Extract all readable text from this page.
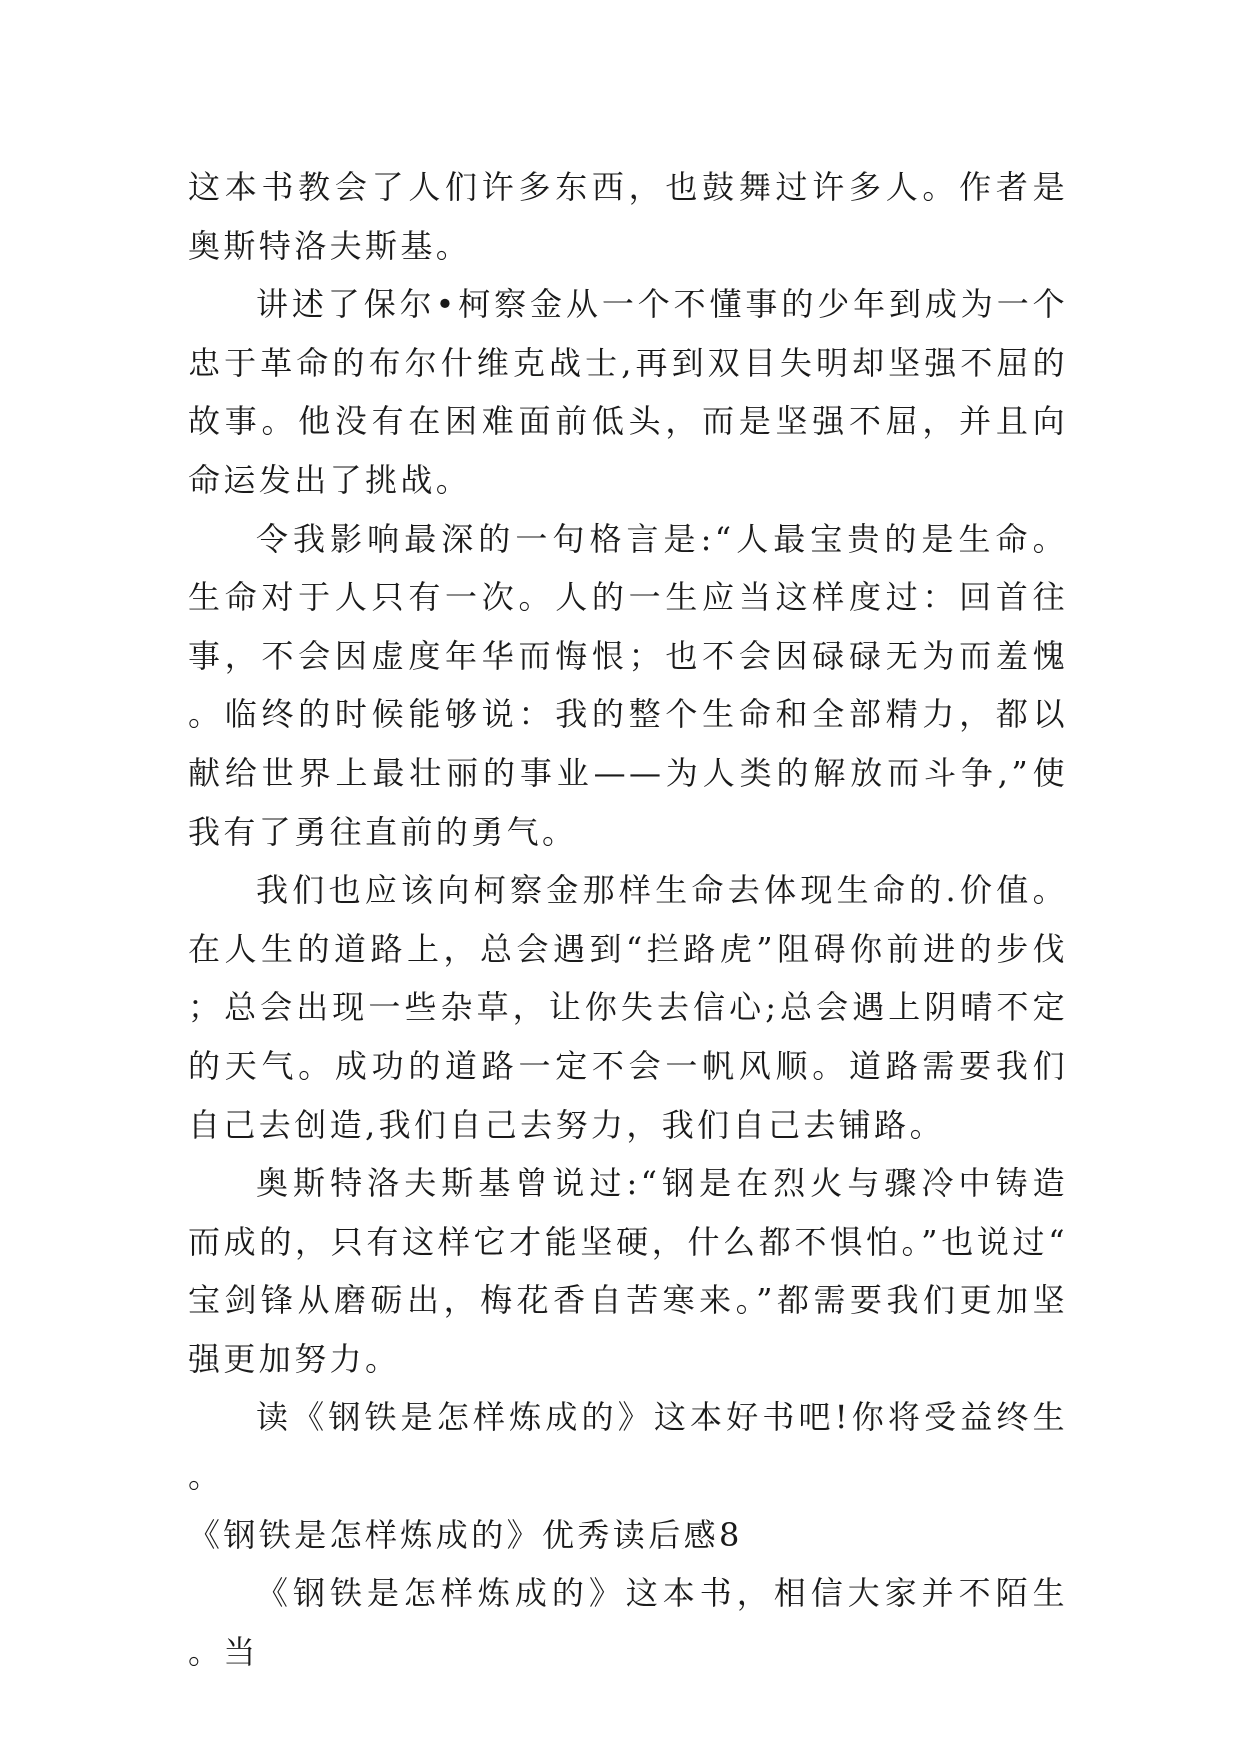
这本书教会了人们许多东西，也鼓舞过许多人。作者是奥斯特洛夫斯基。

讲述了保尔•柯察金从一个不懂事的少年到成为一个忠于革命的布尔什维克战士,再到双目失明却坚强不屈的故事。他没有在困难面前低头，而是坚强不屈，并且向命运发出了挑战。

令我影响最深的一句格言是:“人最宝贵的是生命。生命对于人只有一次。人的一生应当这样度过：回首往事，不会因虚度年华而悔恨；也不会因碌碌无为而羞愧。临终的时候能够说：我的整个生命和全部精力，都以献给世界上最壮丽的事业——为人类的解放而斗争,”使我有了勇往直前的勇气。

我们也应该向柯察金那样生命去体现生命的.价值。在人生的道路上，总会遇到“拦路虎”阻碍你前进的步伐；总会出现一些杂草，让你失去信心;总会遇上阴晴不定的天气。成功的道路一定不会一帆风顺。道路需要我们自己去创造,我们自己去努力，我们自己去铺路。

奥斯特洛夫斯基曾说过:“钢是在烈火与骤冷中铸造而成的，只有这样它才能坚硬，什么都不惧怕。”也说过“宝剑锋从磨砺出，梅花香自苦寒来。”都需要我们更加坚强更加努力。

读《钢铁是怎样炼成的》这本好书吧!你将受益终生。

《钢铁是怎样炼成的》优秀读后感8

《钢铁是怎样炼成的》这本书，相信大家并不陌生。当
